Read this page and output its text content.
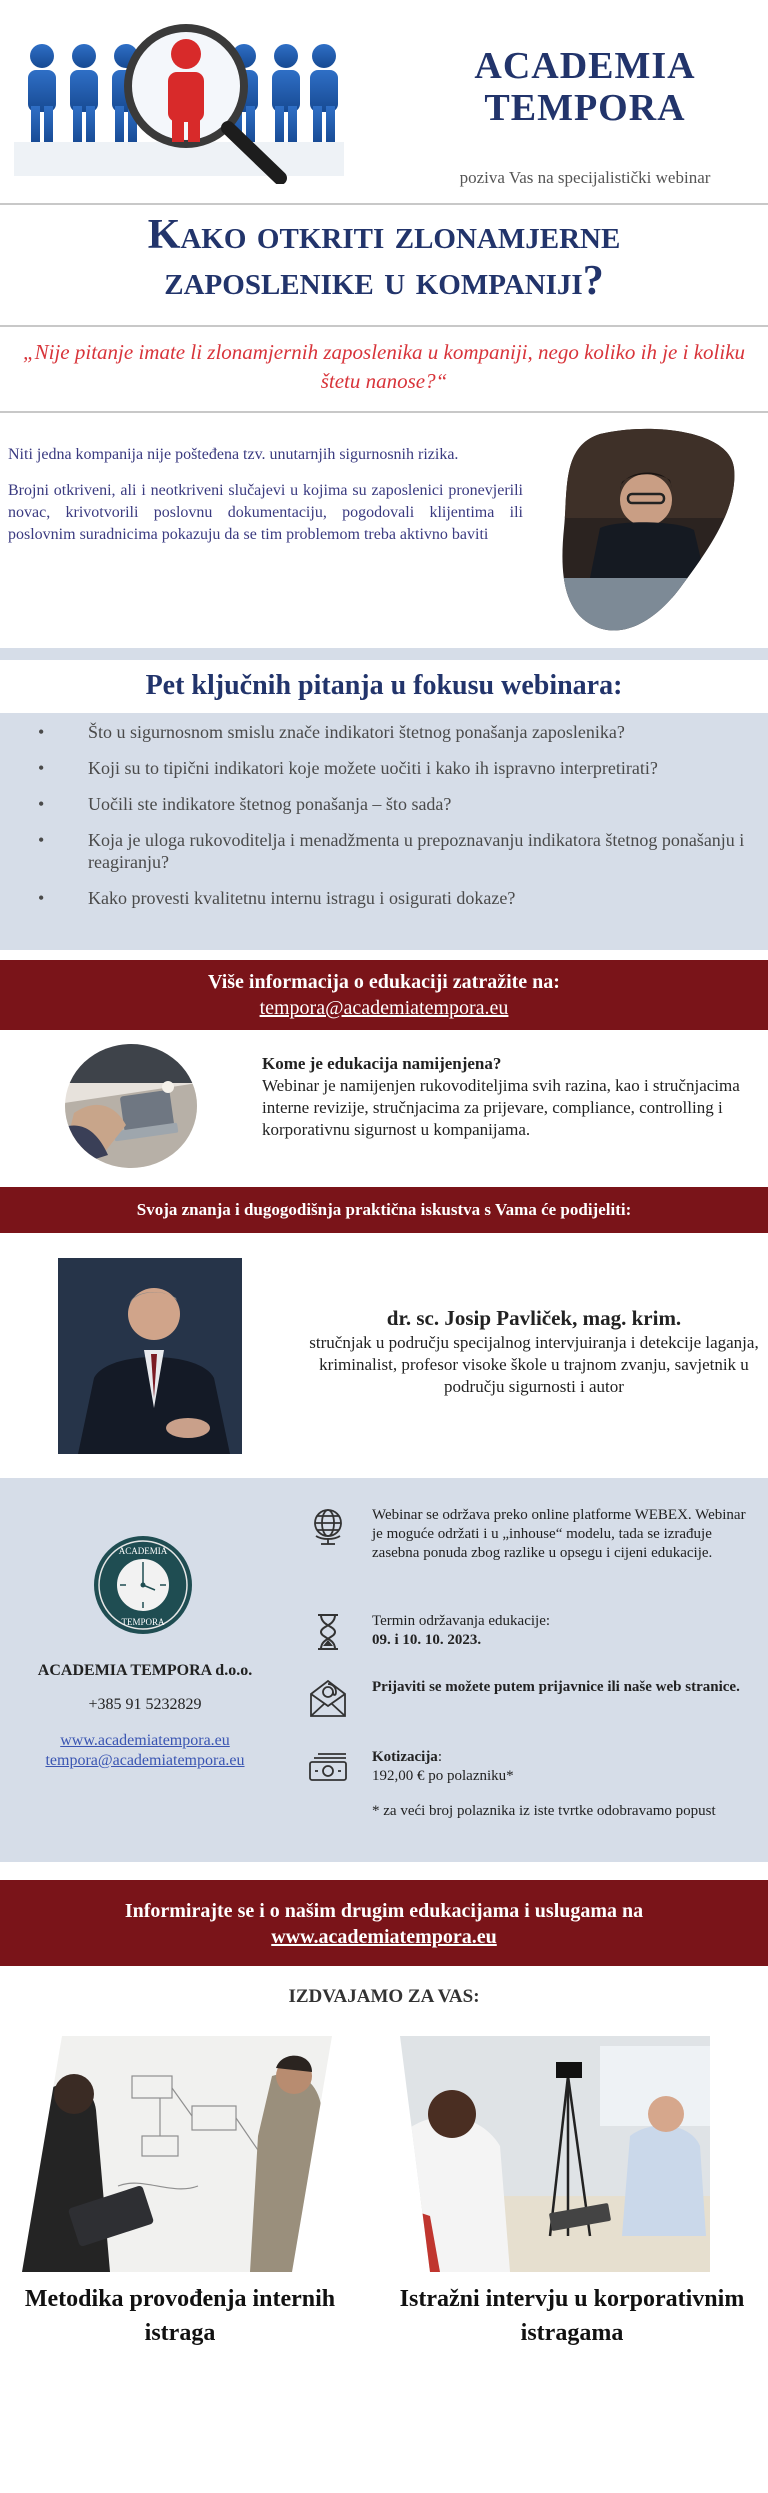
ACADEMIA
TEMPORA
poziva Vas na specijalistički webinar
Kako otkriti zlonamjerne
zaposlenike u kompaniji?
„Nije pitanje imate li zlonamjernih zaposlenika u kompaniji, nego koliko ih je i koliku štetu nanose?“

Niti jedna kompanija nije pošteđena tzv. unutarnjih sigurnosnih rizika.

Brojni otkriveni, ali i neotkriveni slučajevi u kojima su zaposlenici pronevjerili novac, krivotvorili poslovnu dokumentaciju, pogodovali klijentima ili poslovnim suradnicima pokazuju da se tim problemom treba aktivno baviti

Pet ključnih pitanja u fokusu webinara:
• Što u sigurnosnom smislu znače indikatori štetnog ponašanja zaposlenika?
• Koji su to tipični indikatori koje možete uočiti i kako ih ispravno interpretirati?
• Uočili ste indikatore štetnog ponašanja – što sada?
• Koja je uloga rukovoditelja i menadžmenta u prepoznavanju indikatora štetnog ponašanju i reagiranju?
• Kako provesti kvalitetnu internu istragu i osigurati dokaze?
Više informacija o edukaciji zatražite na:
tempora@academiatempora.eu
Kome je edukacija namijenjena?
Webinar je namijenjen rukovoditeljima svih razina, kao i stručnjacima interne revizije, stručnjacima za prijevare, compliance, controlling i korporativnu sigurnost u kompanijama.
Svoja znanja i dugogodišnja praktična iskustva s Vama će podijeliti:
dr. sc. Josip Pavliček, mag. krim.
stručnjak u području specijalnog intervjuiranja i detekcije laganja, kriminalist, profesor visoke škole u trajnom zvanju, savjetnik u području sigurnosti i autor
ACADEMIA
TEMPORA
ACADEMIA TEMPORA d.o.o.
+385 91 5232829
www.academiatempora.eu
tempora@academiatempora.eu
Webinar se održava preko online platforme WEBEX. Webinar je moguće održati i u „inhouse“ modelu, tada se izrađuje zasebna ponuda zbog razlike u opsegu i cijeni edukacije.
Termin održavanja edukacije:
09. i 10. 10. 2023.
Prijaviti se možete putem prijavnice ili naše web stranice.
Kotizacija:
192,00 € po polazniku*
* za veći broj polaznika iz iste tvrtke odobravamo popust
Informirajte se i o našim drugim edukacijama i uslugama na
www.academiatempora.eu
IZDVAJAMO ZA VAS:
Metodika provođenja internih istraga
Istražni intervju u korporativnim istragama
